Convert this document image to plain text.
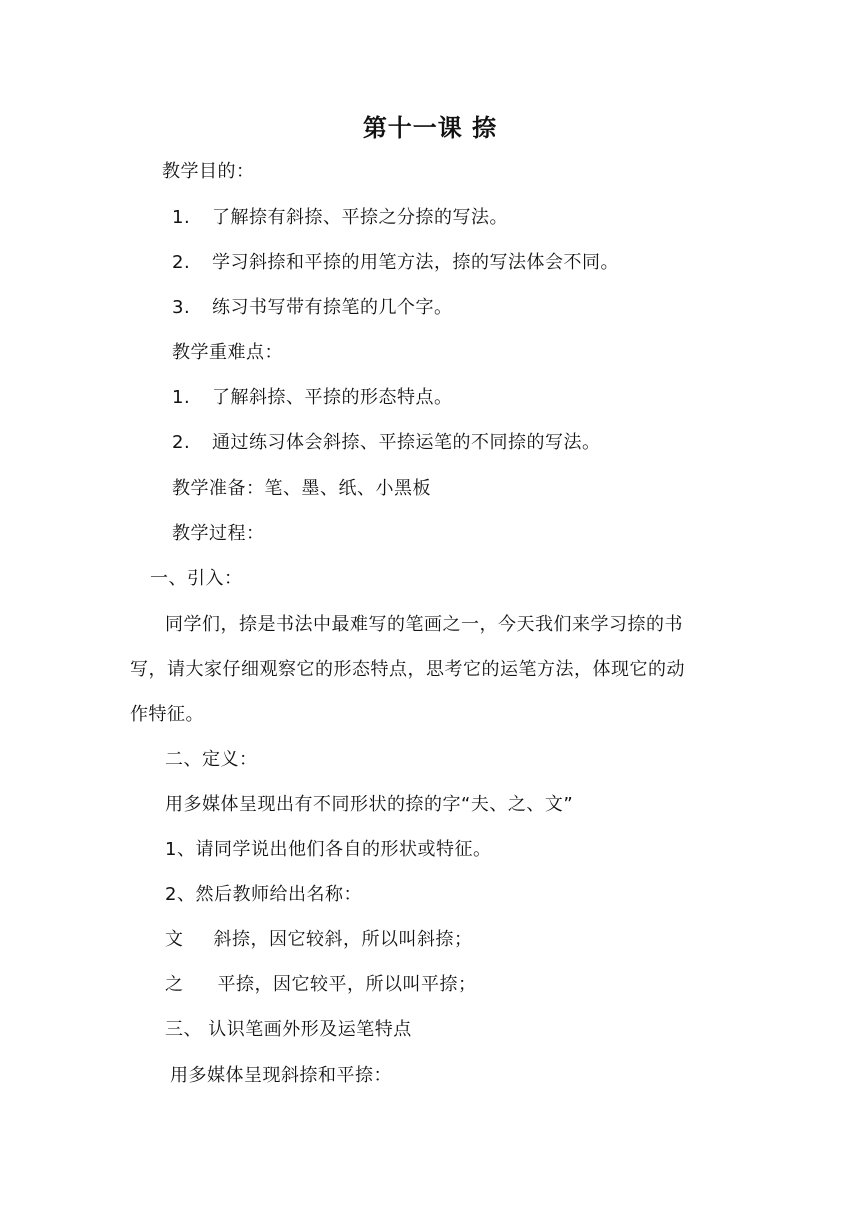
第十一课 捺
教学目的：
1. 了解捺有斜捺、平捺之分捺的写法。
2. 学习斜捺和平捺的用笔方法，捺的写法体会不同。
3. 练习书写带有捺笔的几个字。
教学重难点：
1. 了解斜捺、平捺的形态特点。
2. 通过练习体会斜捺、平捺运笔的不同捺的写法。
教学准备：笔、墨、纸、小黑板
教学过程：
一、引入：
同学们，捺是书法中最难写的笔画之一，今天我们来学习捺的书
写，请大家仔细观察它的形态特点，思考它的运笔方法，体现它的动
作特征。
二、定义：
用多媒体呈现出有不同形状的捺的字“夫、之、文”
1、请同学说出他们各自的形状或特征。
2、然后教师给出名称：
文 斜捺，因它较斜，所以叫斜捺；
之 平捺，因它较平，所以叫平捺；
三、 认识笔画外形及运笔特点
用多媒体呈现斜捺和平捺：
